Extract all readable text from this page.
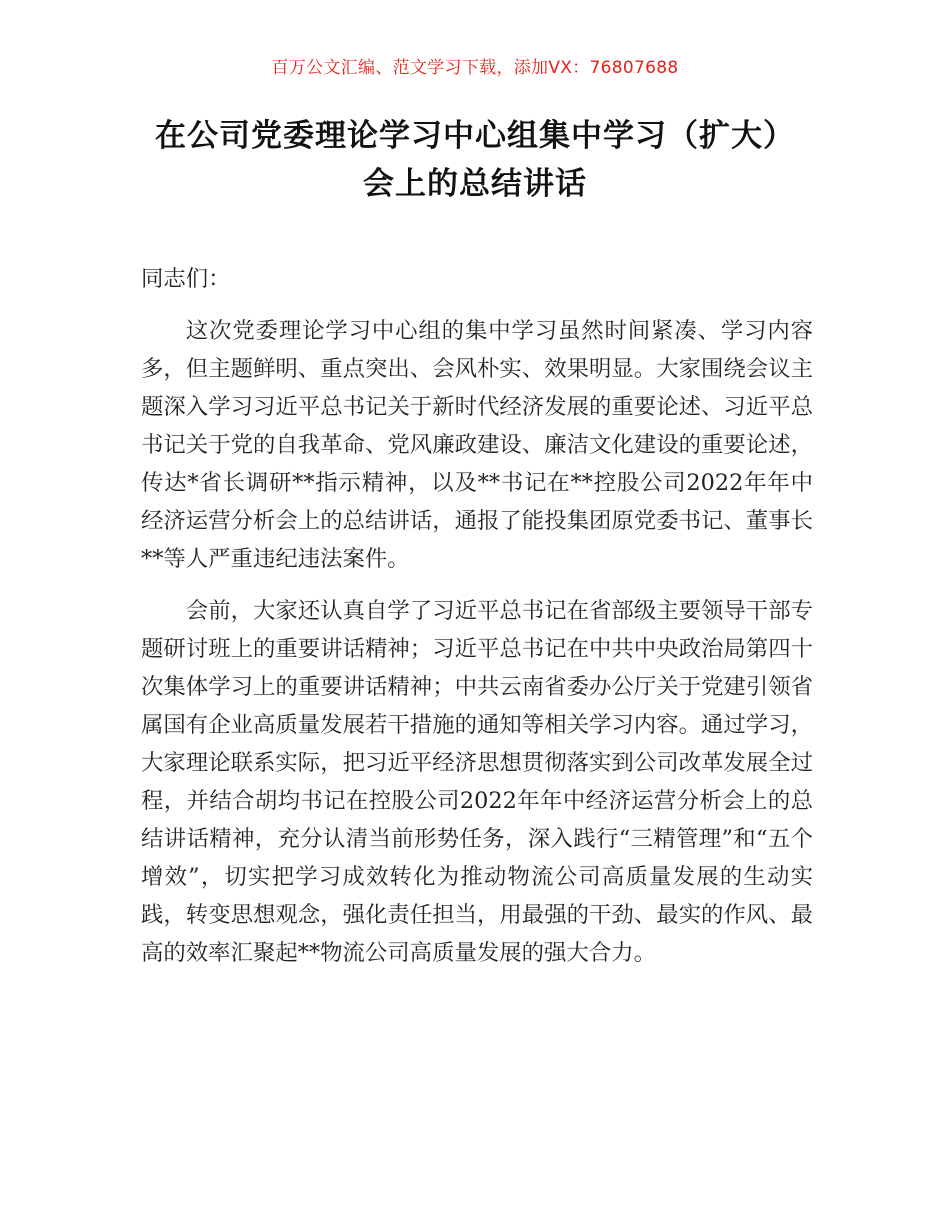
百万公文汇编、范文学习下载，添加VX：76807688
在公司党委理论学习中心组集中学习（扩大）会上的总结讲话

同志们：

这次党委理论学习中心组的集中学习虽然时间紧凑、学习内容多，但主题鲜明、重点突出、会风朴实、效果明显。大家围绕会议主题深入学习习近平总书记关于新时代经济发展的重要论述、习近平总书记关于党的自我革命、党风廉政建设、廉洁文化建设的重要论述，传达*省长调研**指示精神，以及**书记在**控股公司2022年年中经济运营分析会上的总结讲话，通报了能投集团原党委书记、董事长**等人严重违纪违法案件。

会前，大家还认真自学了习近平总书记在省部级主要领导干部专题研讨班上的重要讲话精神；习近平总书记在中共中央政治局第四十次集体学习上的重要讲话精神；中共云南省委办公厅关于党建引领省属国有企业高质量发展若干措施的通知等相关学习内容。通过学习，大家理论联系实际，把习近平经济思想贯彻落实到公司改革发展全过程，并结合胡均书记在控股公司2022年年中经济运营分析会上的总结讲话精神，充分认清当前形势任务，深入践行“三精管理”和“五个增效”，切实把学习成效转化为推动物流公司高质量发展的生动实践，转变思想观念，强化责任担当，用最强的干劲、最实的作风、最高的效率汇聚起**物流公司高质量发展的强大合力。
